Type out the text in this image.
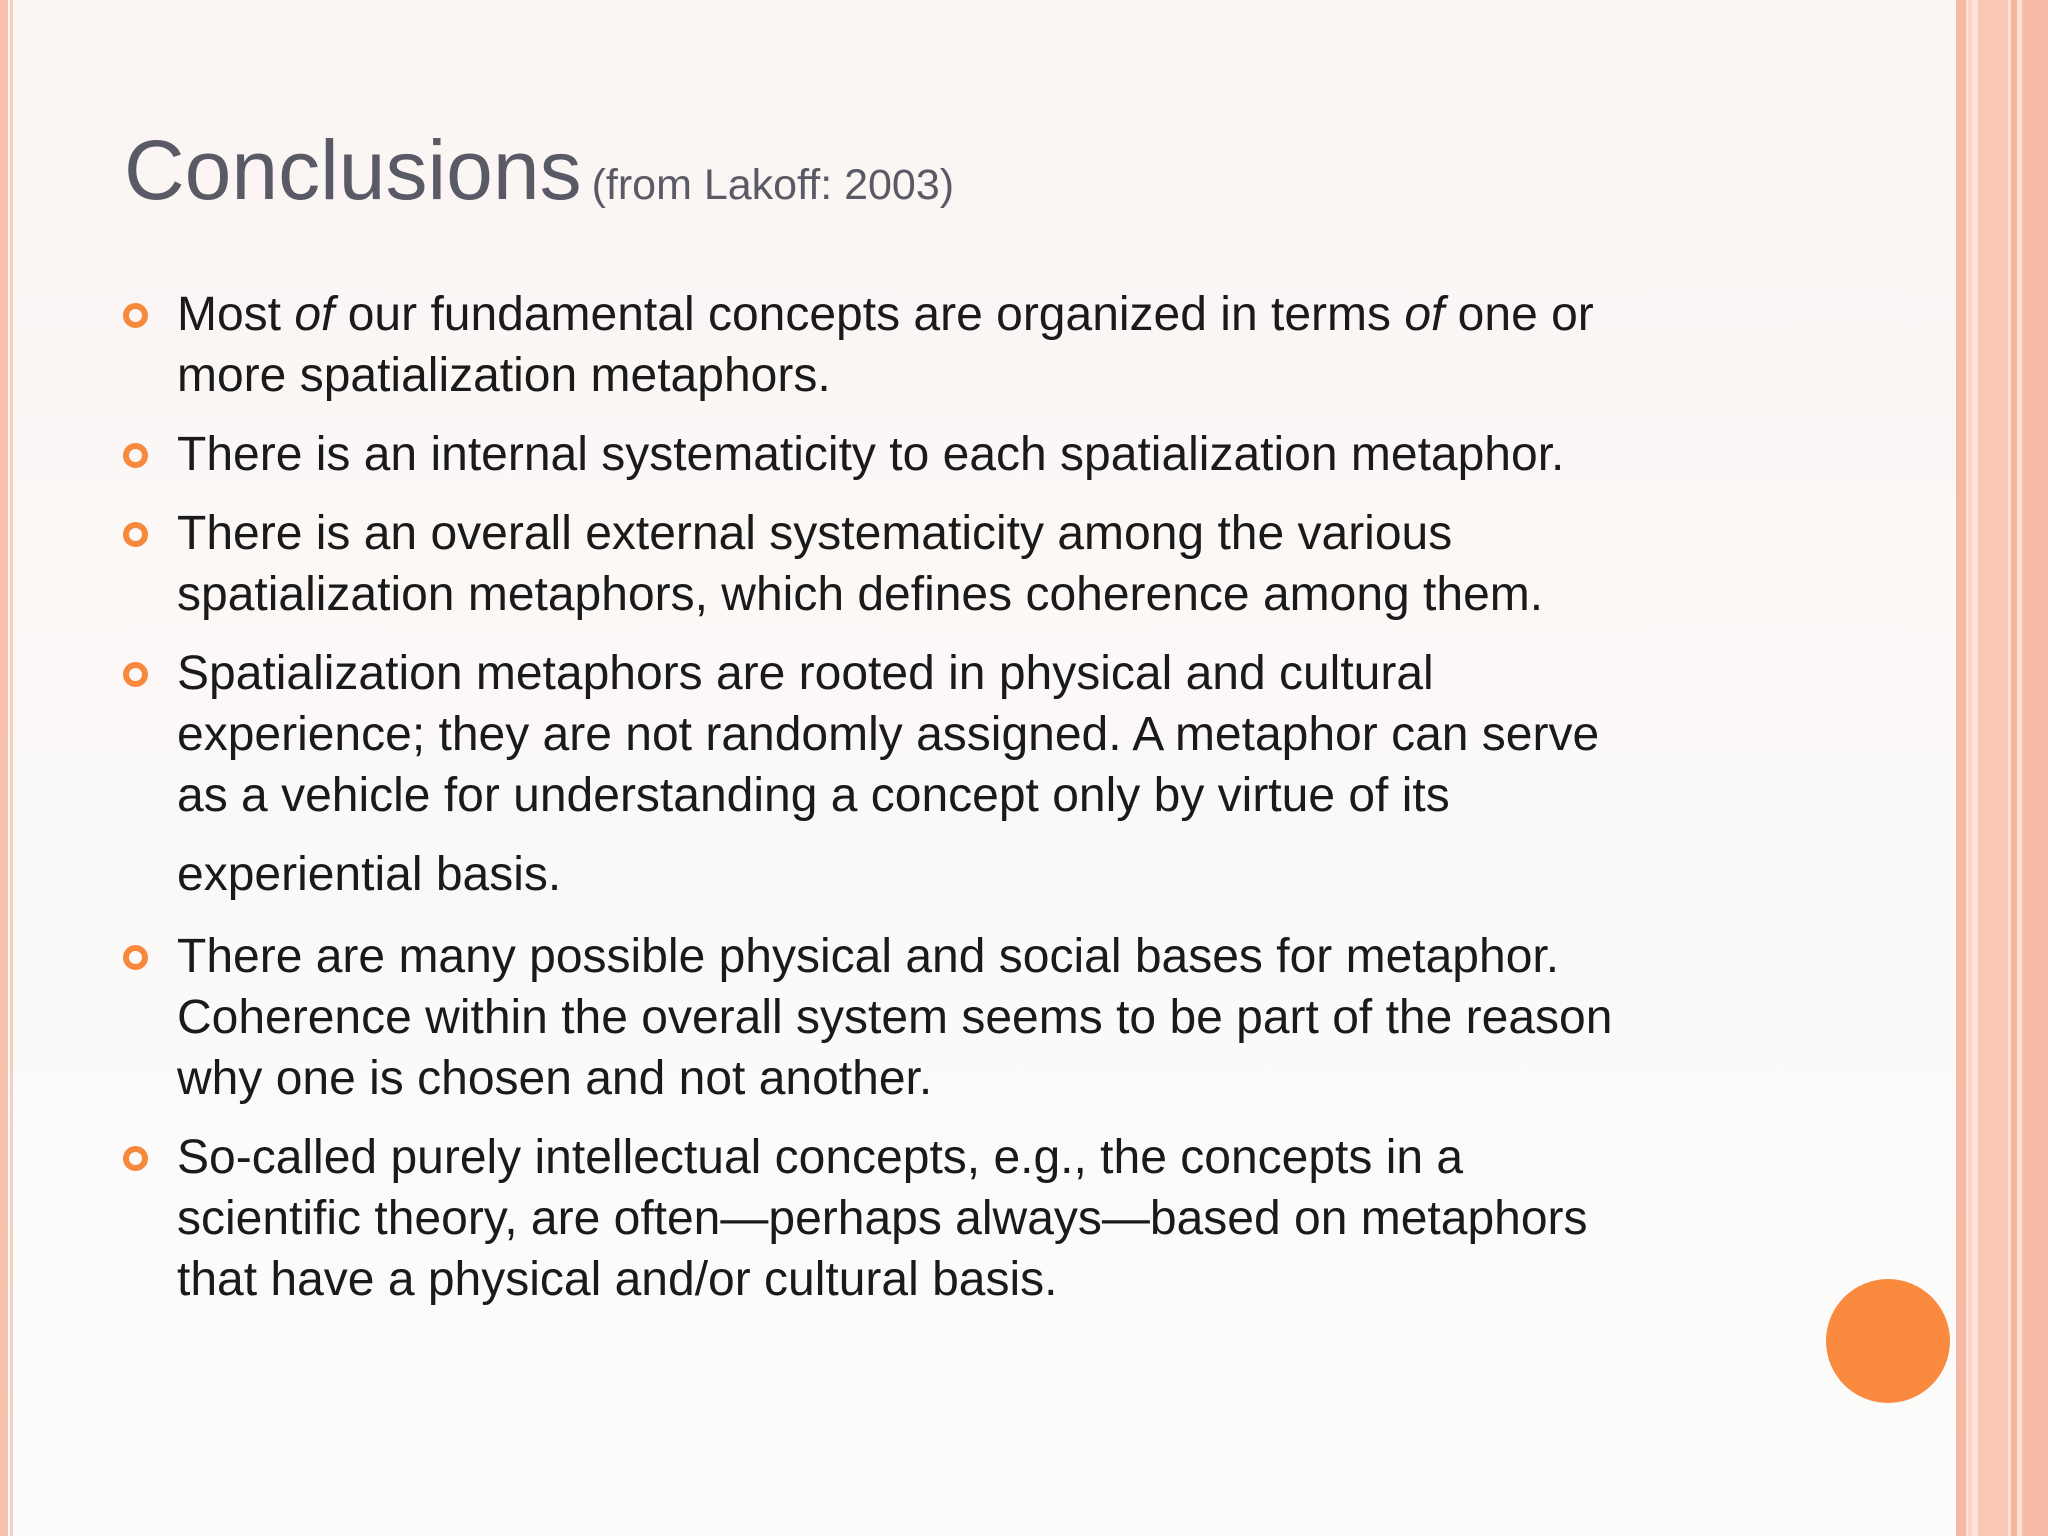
Conclusions (from Lakoff: 2003)
Most of our fundamental concepts are organized in terms of one or
more spatialization metaphors.
There is an internal systematicity to each spatialization metaphor.
There is an overall external systematicity among the various
spatialization metaphors, which defines coherence among them.
Spatialization metaphors are rooted in physical and cultural
experience; they are not randomly assigned. A metaphor can serve
as a vehicle for understanding a concept only by virtue of its
experiential basis.
There are many possible physical and social bases for metaphor.
Coherence within the overall system seems to be part of the reason
why one is chosen and not another.
So-called purely intellectual concepts, e.g., the concepts in a
scientific theory, are often—perhaps always—based on metaphors
that have a physical and/or cultural basis.
